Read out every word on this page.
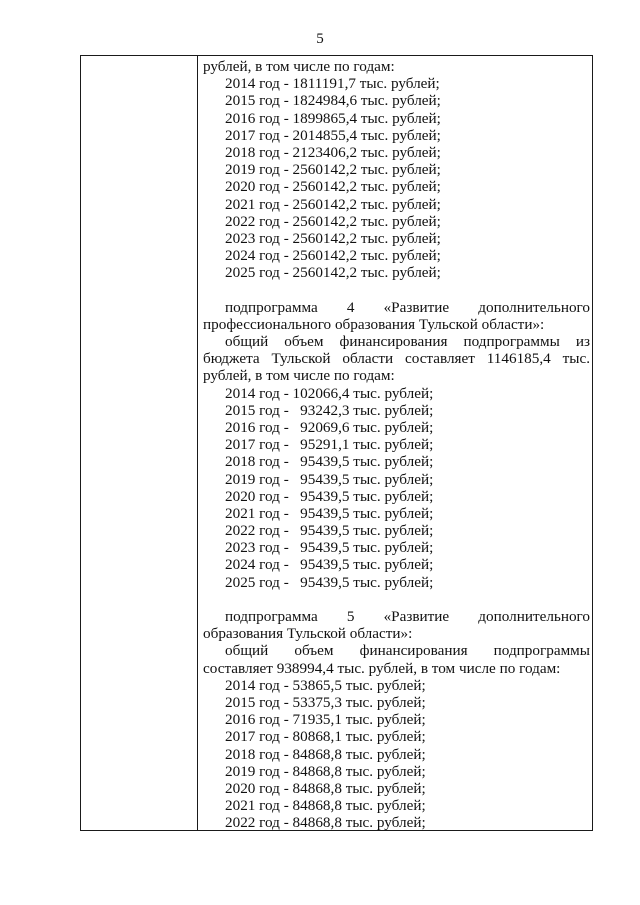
5
рублей, в том числе по годам:
2014 год - 1811191,7 тыс. рублей;
2015 год - 1824984,6 тыс. рублей;
2016 год - 1899865,4 тыс. рублей;
2017 год - 2014855,4 тыс. рублей;
2018 год - 2123406,2 тыс. рублей;
2019 год - 2560142,2 тыс. рублей;
2020 год - 2560142,2 тыс. рублей;
2021 год - 2560142,2 тыс. рублей;
2022 год - 2560142,2 тыс. рублей;
2023 год - 2560142,2 тыс. рублей;
2024 год - 2560142,2 тыс. рублей;
2025 год - 2560142,2 тыс. рублей;
подпрограмма 4 «Развитие дополнительного
профессионального образования Тульской области»:
общий объем финансирования подпрограммы из
бюджета Тульской области составляет 1146185,4 тыс.
рублей, в том числе по годам:
2014 год - 102066,4 тыс. рублей;
2015 год -   93242,3 тыс. рублей;
2016 год -   92069,6 тыс. рублей;
2017 год -   95291,1 тыс. рублей;
2018 год -   95439,5 тыс. рублей;
2019 год -   95439,5 тыс. рублей;
2020 год -   95439,5 тыс. рублей;
2021 год -   95439,5 тыс. рублей;
2022 год -   95439,5 тыс. рублей;
2023 год -   95439,5 тыс. рублей;
2024 год -   95439,5 тыс. рублей;
2025 год -   95439,5 тыс. рублей;
подпрограмма 5 «Развитие дополнительного
образования Тульской области»:
общий объем финансирования подпрограммы
составляет 938994,4 тыс. рублей, в том числе по годам:
2014 год - 53865,5 тыс. рублей;
2015 год - 53375,3 тыс. рублей;
2016 год - 71935,1 тыс. рублей;
2017 год - 80868,1 тыс. рублей;
2018 год - 84868,8 тыс. рублей;
2019 год - 84868,8 тыс. рублей;
2020 год - 84868,8 тыс. рублей;
2021 год - 84868,8 тыс. рублей;
2022 год - 84868,8 тыс. рублей;
